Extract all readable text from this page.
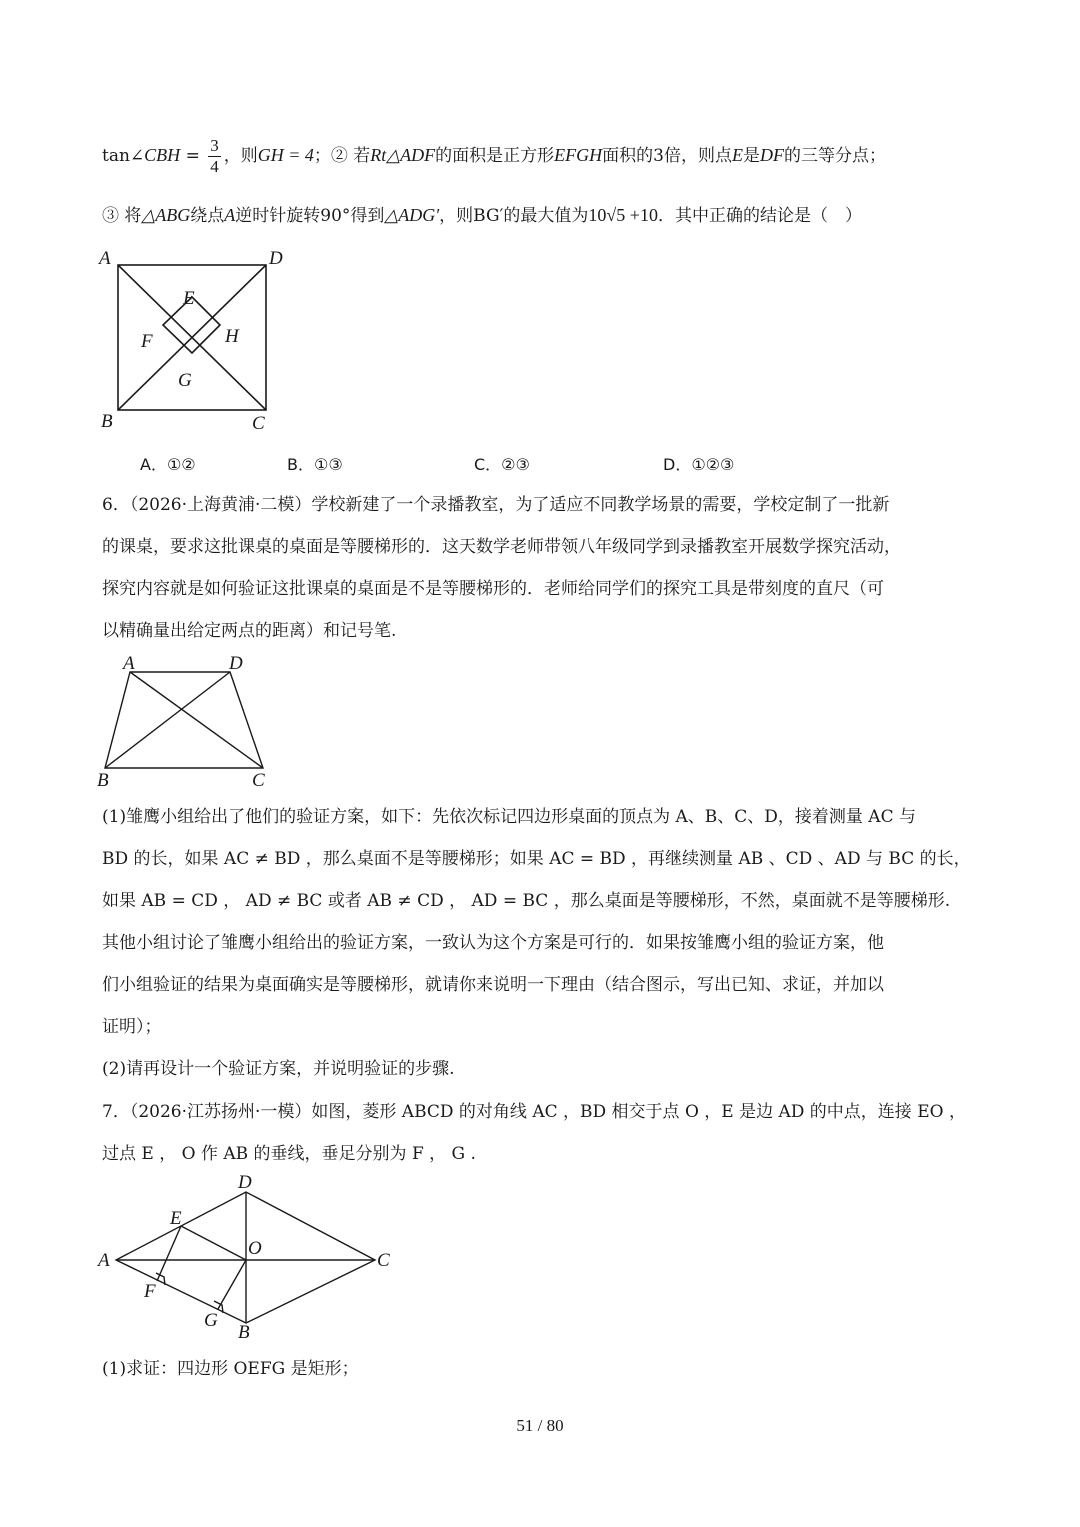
tan∠CBH = $\frac{3}{4}$ ，则GH = 4；② 若Rt△ADF的面积是正方形EFGH面积的3倍，则点E是DF的三等分点；
③ 将△ABG绕点A逆时针旋转90°得到△ADG′，则BG′的最大值为10√5 +10．其中正确的结论是（　）
A	D
E
F	H
G
B	C
A．①②	B．①③	C．②③	D．①②③
6．（2026·上海黄浦·二模）学校新建了一个录播教室，为了适应不同教学场景的需要，学校定制了一批新
的课桌，要求这批课桌的桌面是等腰梯形的．这天数学老师带领八年级同学到录播教室开展数学探究活动，
探究内容就是如何验证这批课桌的桌面是不是等腰梯形的．老师给同学们的探究工具是带刻度的直尺（可
以精确量出给定两点的距离）和记号笔.
A	D
B	C
(1)雏鹰小组给出了他们的验证方案，如下：先依次标记四边形桌面的顶点为 A、B、C、D，接着测量 AC 与
BD 的长，如果 AC ≠ BD ，那么桌面不是等腰梯形；如果 AC = BD ，再继续测量 AB 、CD 、AD 与 BC 的长，
如果 AB = CD ， AD ≠ BC 或者 AB ≠ CD ， AD = BC ，那么桌面是等腰梯形，不然，桌面就不是等腰梯形.
其他小组讨论了雏鹰小组给出的验证方案，一致认为这个方案是可行的．如果按雏鹰小组的验证方案，他
们小组验证的结果为桌面确实是等腰梯形，就请你来说明一下理由（结合图示，写出已知、求证，并加以
证明）；
(2)请再设计一个验证方案，并说明验证的步骤.
7．（2026·江苏扬州·一模）如图，菱形 ABCD 的对角线 AC ，BD 相交于点 O ，E 是边 AD 的中点，连接 EO ，
过点 E ， O 作 AB 的垂线，垂足分别为 F ， G .
D
E
O
A	C
F
G
B
(1)求证：四边形 OEFG 是矩形；
51 / 80
